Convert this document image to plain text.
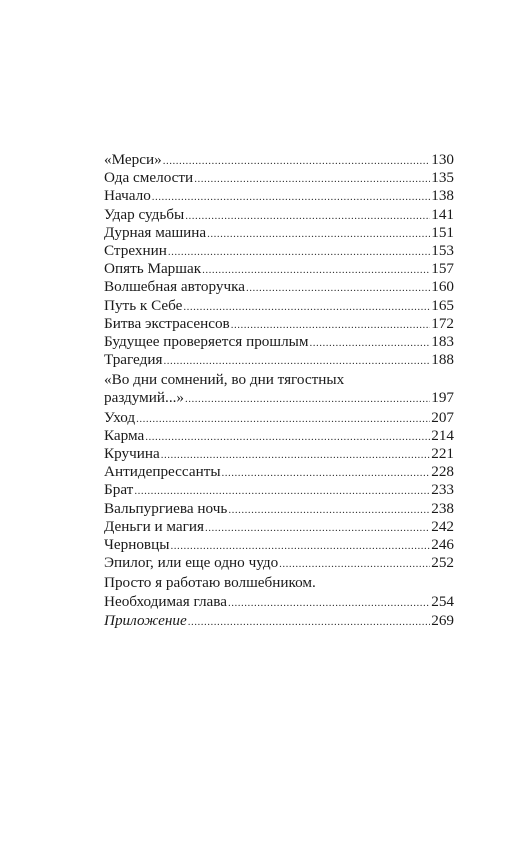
«Мерси» .....	130
Ода смелости .....	135
Начало .....	138
Удар судьбы .....	141
Дурная машина .....	151
Стрехнин .....	153
Опять Маршак .....	157
Волшебная авторучка .....	160
Путь к Себе .....	165
Битва экстрасенсов .....	172
Будущее проверяется прошлым .....	183
Трагедия .....	188
«Во дни сомнений, во дни тягостных
раздумий...» .....	197
Уход .....	207
Карма .....	214
Кручина .....	221
Антидепрессанты .....	228
Брат .....	233
Вальпургиева ночь .....	238
Деньги и магия .....	242
Черновцы .....	246
Эпилог, или еще одно чудо .....	252
Просто я работаю волшебником.
Необходимая глава .....	254
Приложение .....	269
